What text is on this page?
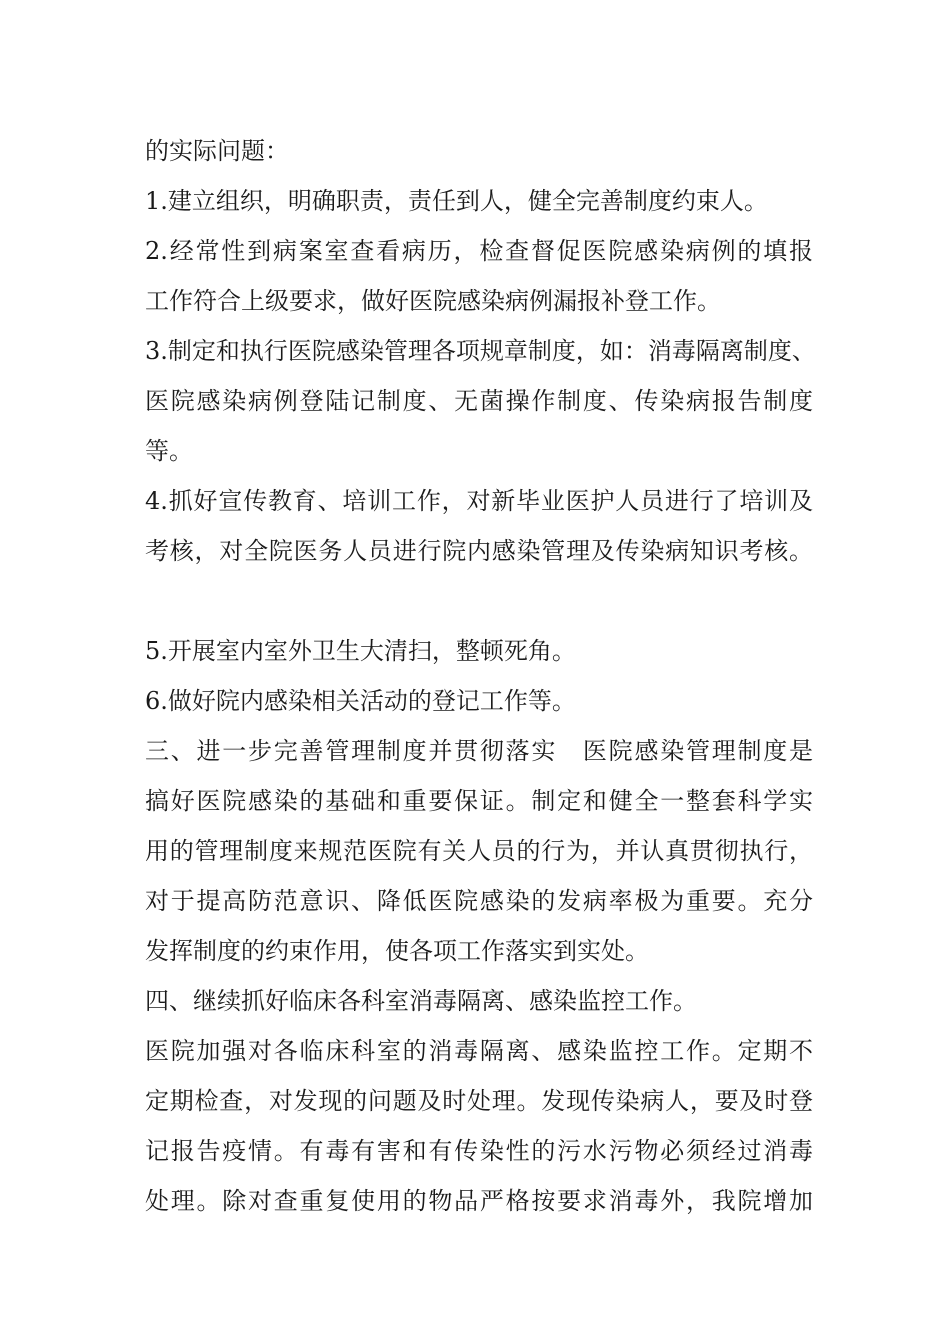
的实际问题：
1.建立组织，明确职责，责任到人，健全完善制度约束人。
2.经常性到病案室查看病历，检查督促医院感染病例的填报
工作符合上级要求，做好医院感染病例漏报补登工作。
3.制定和执行医院感染管理各项规章制度，如：消毒隔离制度、
医院感染病例登陆记制度、无菌操作制度、传染病报告制度
等。
4.抓好宣传教育、培训工作，对新毕业医护人员进行了培训及
考核，对全院医务人员进行院内感染管理及传染病知识考核。
5.开展室内室外卫生大清扫，整顿死角。
6.做好院内感染相关活动的登记工作等。
三、进一步完善管理制度并贯彻落实　医院感染管理制度是
搞好医院感染的基础和重要保证。制定和健全一整套科学实
用的管理制度来规范医院有关人员的行为，并认真贯彻执行，
对于提高防范意识、降低医院感染的发病率极为重要。充分
发挥制度的约束作用，使各项工作落实到实处。
四、继续抓好临床各科室消毒隔离、感染监控工作。
医院加强对各临床科室的消毒隔离、感染监控工作。定期不
定期检查，对发现的问题及时处理。发现传染病人，要及时登
记报告疫情。有毒有害和有传染性的污水污物必须经过消毒
处理。除对查重复使用的物品严格按要求消毒外，我院增加
